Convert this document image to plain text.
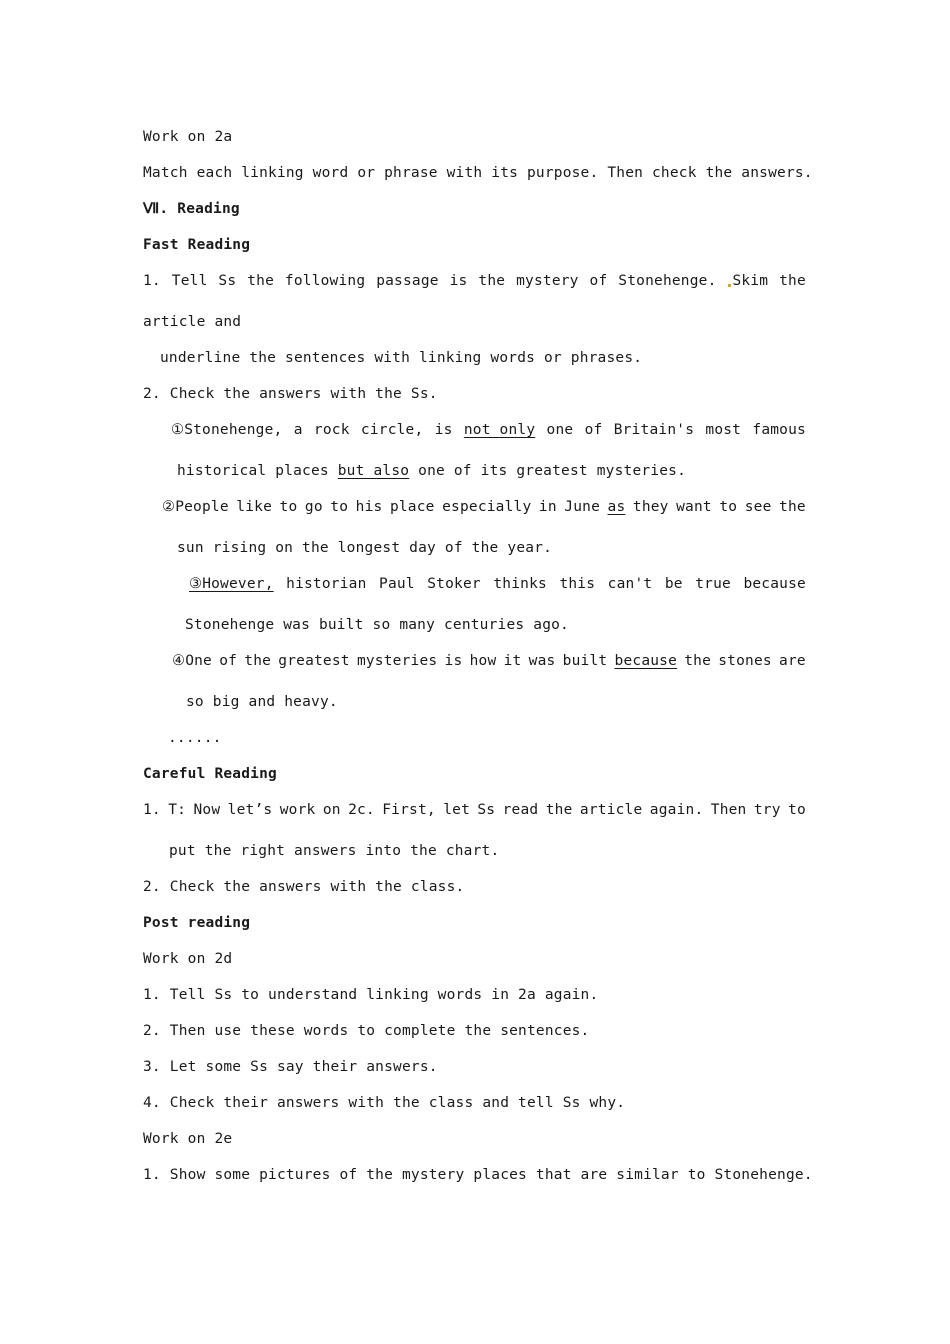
Work on 2a
Match each linking word or phrase with its purpose. Then check the answers.
Ⅶ. Reading
Fast Reading
1. Tell Ss the following passage is the mystery of Stonehenge.	Skim the
article and
underline the sentences with linking words or phrases.
2. Check the answers with the Ss.
①Stonehenge, a rock circle, is not only one of Britain's most famous
historical places but also one of its greatest mysteries.
②People like to go to his place especially in June as they want to see the
sun rising on the longest day of the year.
③However, historian Paul Stoker thinks this can't be true because
Stonehenge was built so many centuries ago.
④One of the greatest mysteries is how it was built because the stones are
so big and heavy.
......
Careful Reading
1. T: Now let’s work on 2c. First, let Ss read the article again. Then try to
put the right answers into the chart.
2. Check the answers with the class.
Post reading
Work on 2d
1. Tell Ss to understand linking words in 2a again.
2. Then use these words to complete the sentences.
3. Let some Ss say their answers.
4. Check their answers with the class and tell Ss why.
Work on 2e
1. Show some pictures of the mystery places that are similar to Stonehenge.
